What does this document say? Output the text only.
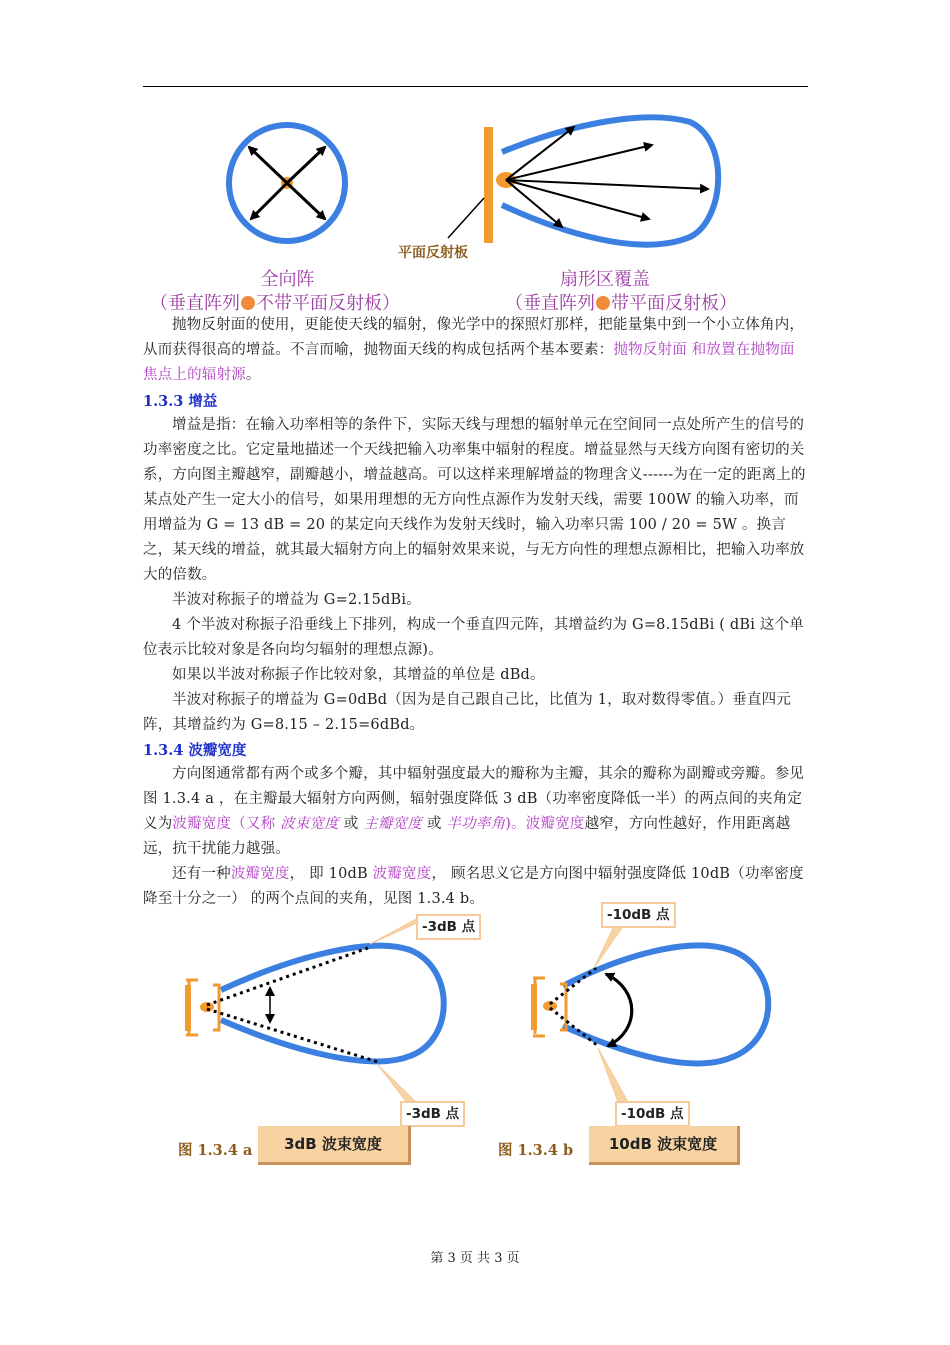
平面反射板
全向阵
（垂直阵列 不带平面反射板）
扇形区覆盖
（垂直阵列 带平面反射板）

抛物反射面的使用，更能使天线的辐射，像光学中的探照灯那样，把能量集中到一个小立体角内，从而获得很高的增益。不言而喻，抛物面天线的构成包括两个基本要素：抛物反射面 和放置在抛物面焦点上的辐射源。

1.3.3 增益

增益是指：在输入功率相等的条件下，实际天线与理想的辐射单元在空间同一点处所产生的信号的功率密度之比。它定量地描述一个天线把输入功率集中辐射的程度。增益显然与天线方向图有密切的关系，方向图主瓣越窄，副瓣越小，增益越高。可以这样来理解增益的物理含义------为在一定的距离上的某点处产生一定大小的信号，如果用理想的无方向性点源作为发射天线，需要 100W 的输入功率，而用增益为 G = 13 dB = 20 的某定向天线作为发射天线时，输入功率只需 100 / 20 = 5W 。换言之，某天线的增益，就其最大辐射方向上的辐射效果来说，与无方向性的理想点源相比，把输入功率放大的倍数。

半波对称振子的增益为 G=2.15dBi。

4 个半波对称振子沿垂线上下排列，构成一个垂直四元阵，其增益约为 G=8.15dBi ( dBi 这个单位表示比较对象是各向均匀辐射的理想点源)。

如果以半波对称振子作比较对象，其增益的单位是 dBd。

半波对称振子的增益为 G=0dBd（因为是自己跟自己比，比值为 1，取对数得零值。）垂直四元阵，其增益约为 G=8.15 – 2.15=6dBd。

1.3.4 波瓣宽度

方向图通常都有两个或多个瓣，其中辐射强度最大的瓣称为主瓣，其余的瓣称为副瓣或旁瓣。参见图 1.3.4 a ，在主瓣最大辐射方向两侧，辐射强度降低 3 dB（功率密度降低一半）的两点间的夹角定义为波瓣宽度（又称 波束宽度 或 主瓣宽度 或 半功率角)。波瓣宽度越窄，方向性越好，作用距离越远，抗干扰能力越强。

还有一种波瓣宽度， 即 10dB 波瓣宽度， 顾名思义它是方向图中辐射强度降低 10dB（功率密度降至十分之一） 的两个点间的夹角，见图 1.3.4 b。

-3dB 点
-3dB 点
-10dB 点
-10dB 点
图 1.3.4 a	3dB 波束宽度	图 1.3.4 b	10dB 波束宽度
第 3 页 共 3 页
